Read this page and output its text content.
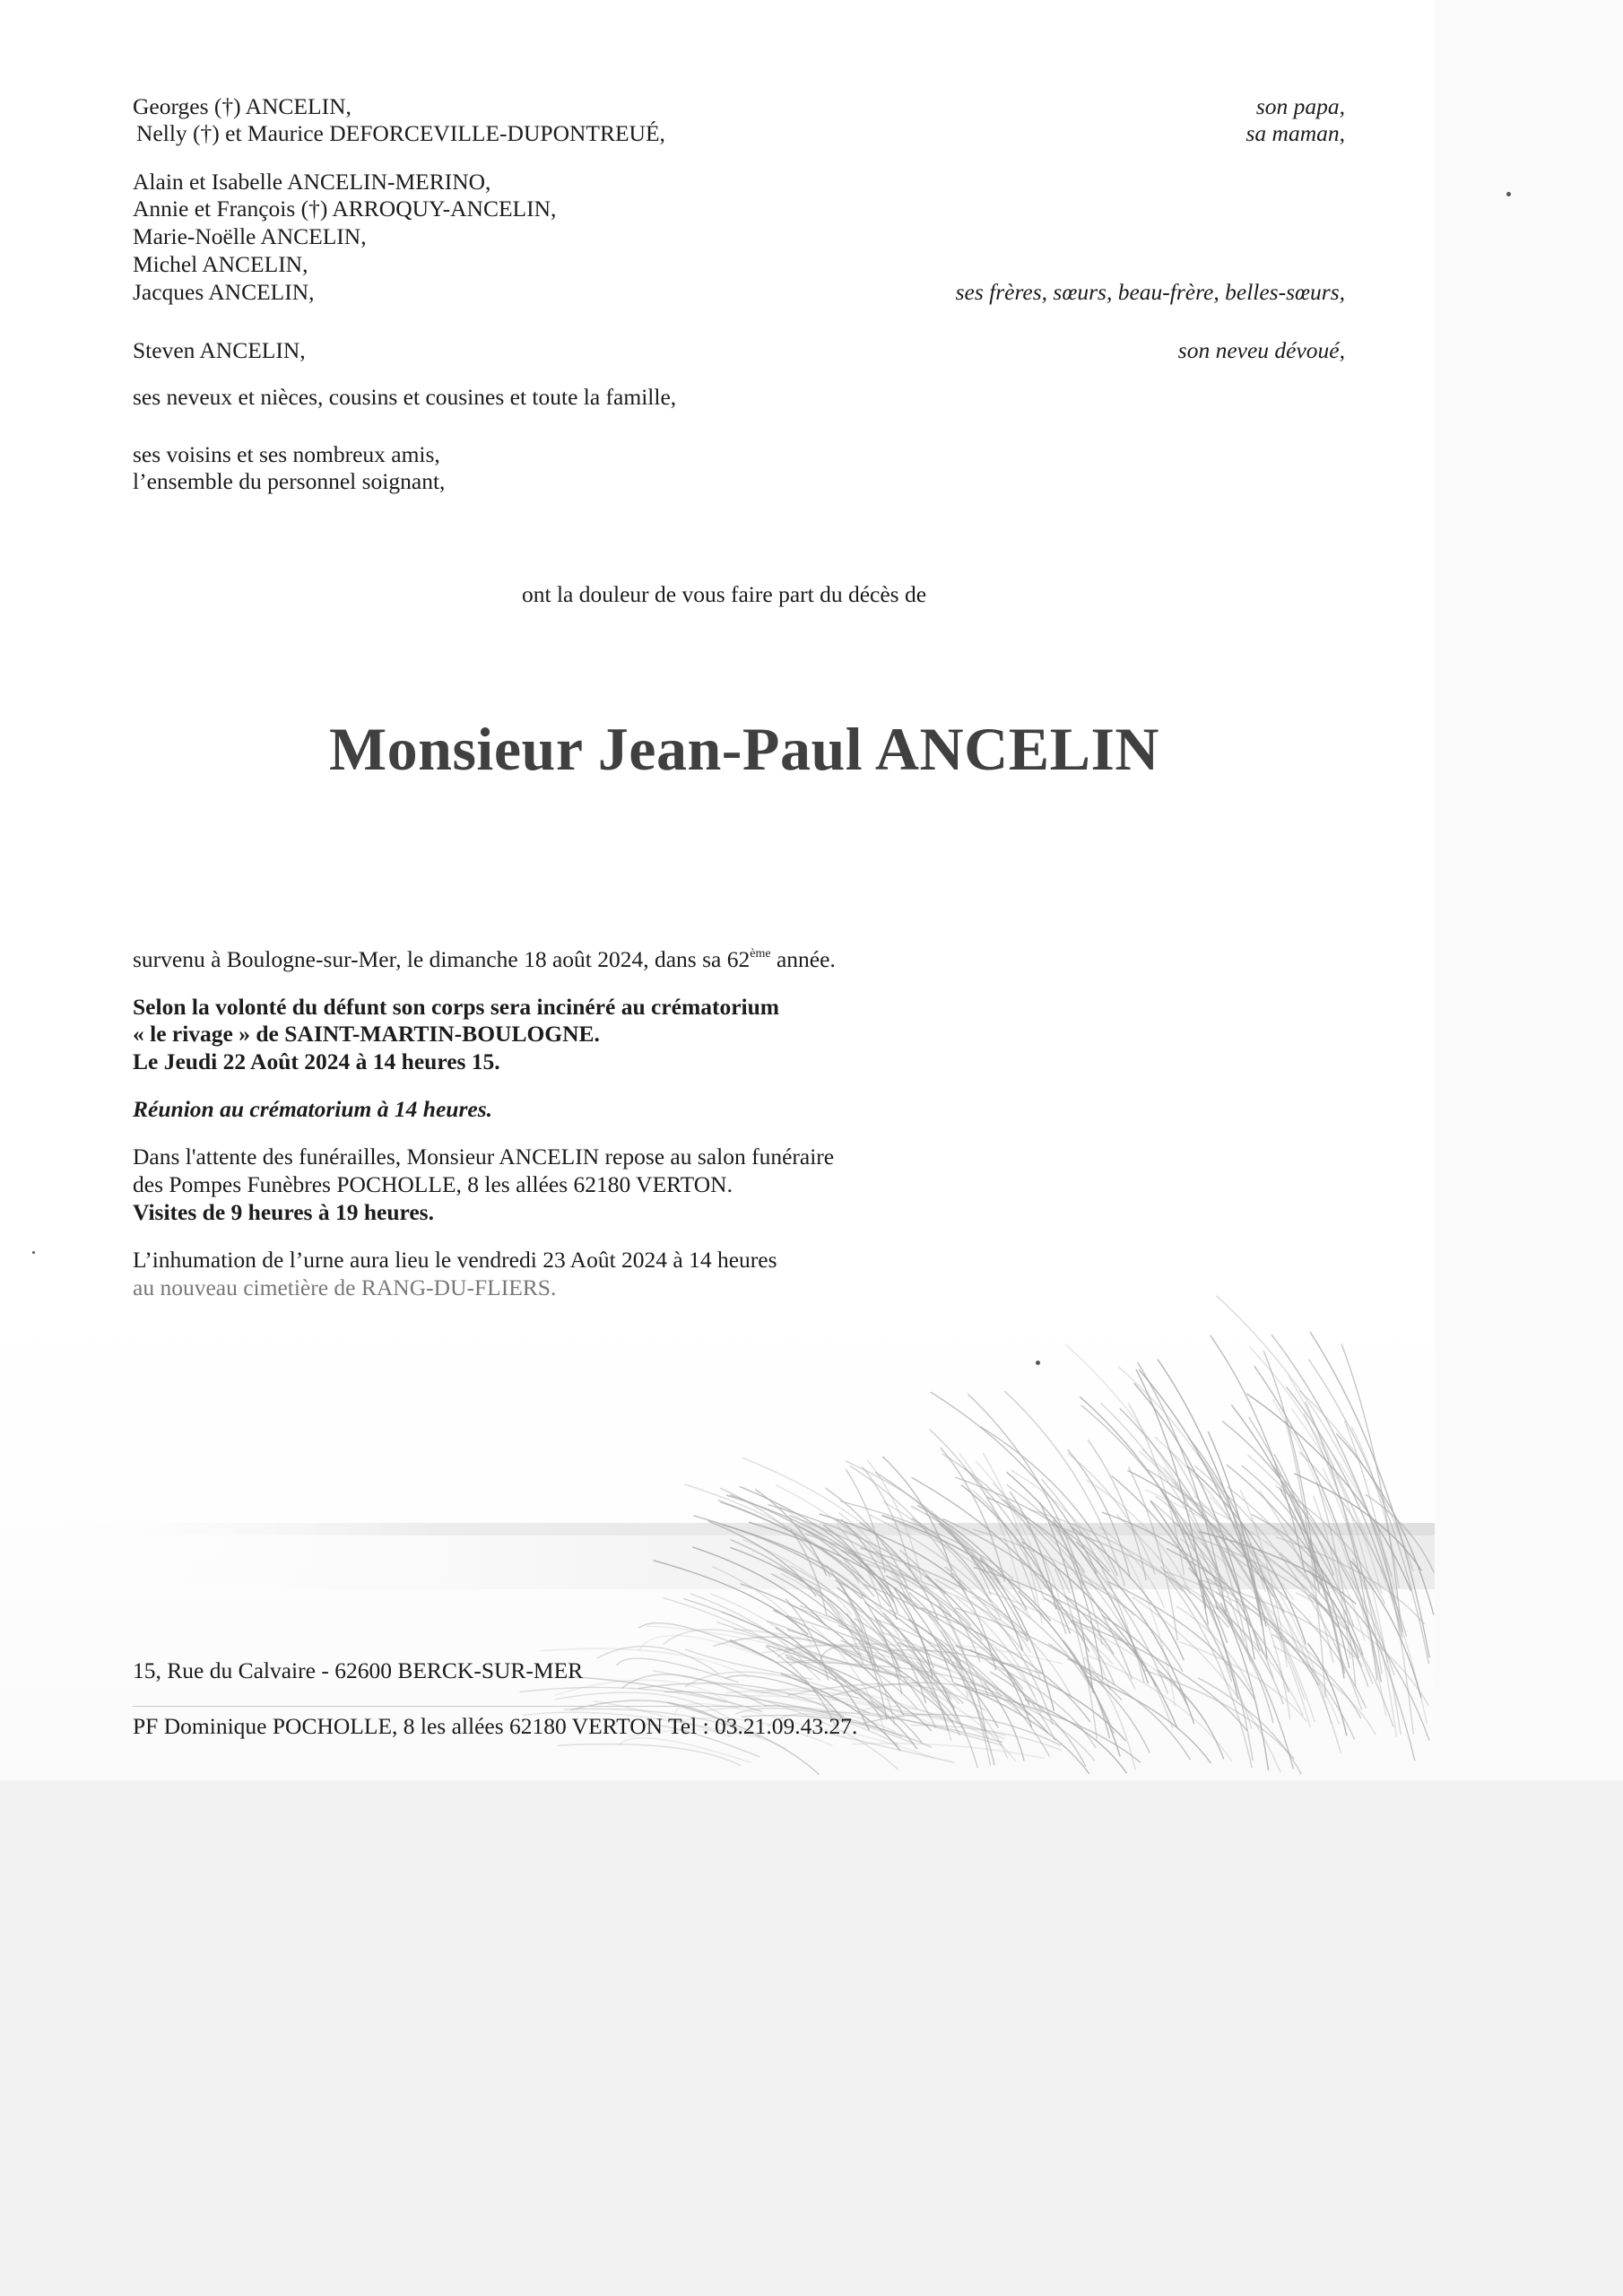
Georges (†) ANCELIN,
Nelly (†) et Maurice DEFORCEVILLE-DUPONTREUÉ,
son papa,
sa maman,
Alain et Isabelle ANCELIN-MERINO,
Annie et François (†) ARROQUY-ANCELIN,
Marie-Noëlle ANCELIN,
Michel ANCELIN,
Jacques ANCELIN,	ses frères, sœurs, beau-frère, belles-sœurs,
Steven ANCELIN,	son neveu dévoué,
ses neveux et nièces, cousins et cousines et toute la famille,
ses voisins et ses nombreux amis,
l’ensemble du personnel soignant,
ont la douleur de vous faire part du décès de
Monsieur Jean-Paul ANCELIN
survenu à Boulogne-sur-Mer, le dimanche 18 août 2024, dans sa 62ème année.
Selon la volonté du défunt son corps sera incinéré au crématorium
« le rivage » de SAINT-MARTIN-BOULOGNE.
Le Jeudi 22 Août 2024 à 14 heures 15.
Réunion au crématorium à 14 heures.
Dans l'attente des funérailles, Monsieur ANCELIN repose au salon funéraire
des Pompes Funèbres POCHOLLE, 8 les allées 62180 VERTON.
Visites de 9 heures à 19 heures.
L’inhumation de l’urne aura lieu le vendredi 23 Août 2024 à 14 heures
au nouveau cimetière de RANG-DU-FLIERS.
15, Rue du Calvaire - 62600 BERCK-SUR-MER
PF Dominique POCHOLLE, 8 les allées 62180 VERTON Tel : 03.21.09.43.27.
